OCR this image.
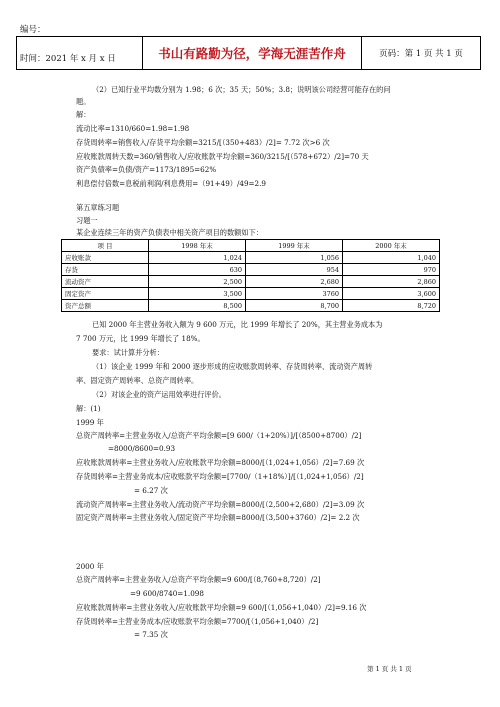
编号：
时间：2021 年 x 月 x 日	书山有路勤为径，学海无涯苦作舟	页码：第 1 页 共 1 页
（2）已知行业平均数分别为 1.98；6 次；35 天；50%；3.8；说明该公司经营可能存在的问
题。
解：
流动比率=1310/660=1.98=1.98
存货周转率=销售收入/存货平均余额=3215/[（350+483）/2]= 7.72 次>6 次
应收账款周转天数=360/销售收入/应收账款平均余额=360/3215/[（578+672）/2]=70 天
资产负债率=负债/资产=1173/1895=62%
利息偿付倍数=息税前利润/利息费用=（91+49）/49=2.9
第五章练习题
习题一
某企业连续三年的资产负债表中相关资产项目的数额如下：
项 目	1998 年末	1999 年末	2000 年末
应收账款	1,024	1,056	1,040
存货	630	954	970
流动资产	2,500	2,680	2,860
固定资产	3,500	3760	3,600
资产总额	8,500	8,700	8,720
已知 2000 年主营业务收入额为 9 600 万元，比 1999 年增长了 20%，其主营业务成本为
7 700 万元，比 1999 年增长了 18%。
要求：试计算并分析：
（1）该企业 1999 年和 2000 逐步形成的应收账款周转率、存货周转率、流动资产周转
率、固定资产周转率、总资产周转率。
（2）对该企业的资产运用效率进行评价。
解：(1)
1999 年
总资产周转率=主营业务收入/总资产平均余额=[9 600/（1+20%）]/[（8500+8700）/2]
=8000/8600=0.93
应收账款周转率=主营业务收入/应收账款平均余额=8000/[（1,024+1,056）/2]=7.69 次
存货周转率=主营业务成本/应收账款平均余额=[7700/（1+18%）]/[（1,024+1,056）/2]
= 6.27 次
流动资产周转率=主营业务收入/流动资产平均余额=8000/[（2,500+2,680）/2]=3.09 次
固定资产周转率=主营业务收入/固定资产平均余额=8000/[（3,500+3760）/2]= 2.2 次
2000 年
总资产周转率=主营业务收入/总资产平均余额=9 600/[（8,760+8,720）/2]
=9 600/8740=1.098
应收账款周转率=主营业务收入/应收账款平均余额=9 600/[（1,056+1,040）/2]=9.16 次
存货周转率=主营业务成本/应收账款平均余额=7700/[（1,056+1,040）/2]
= 7.35 次
第 1 页 共 1 页
